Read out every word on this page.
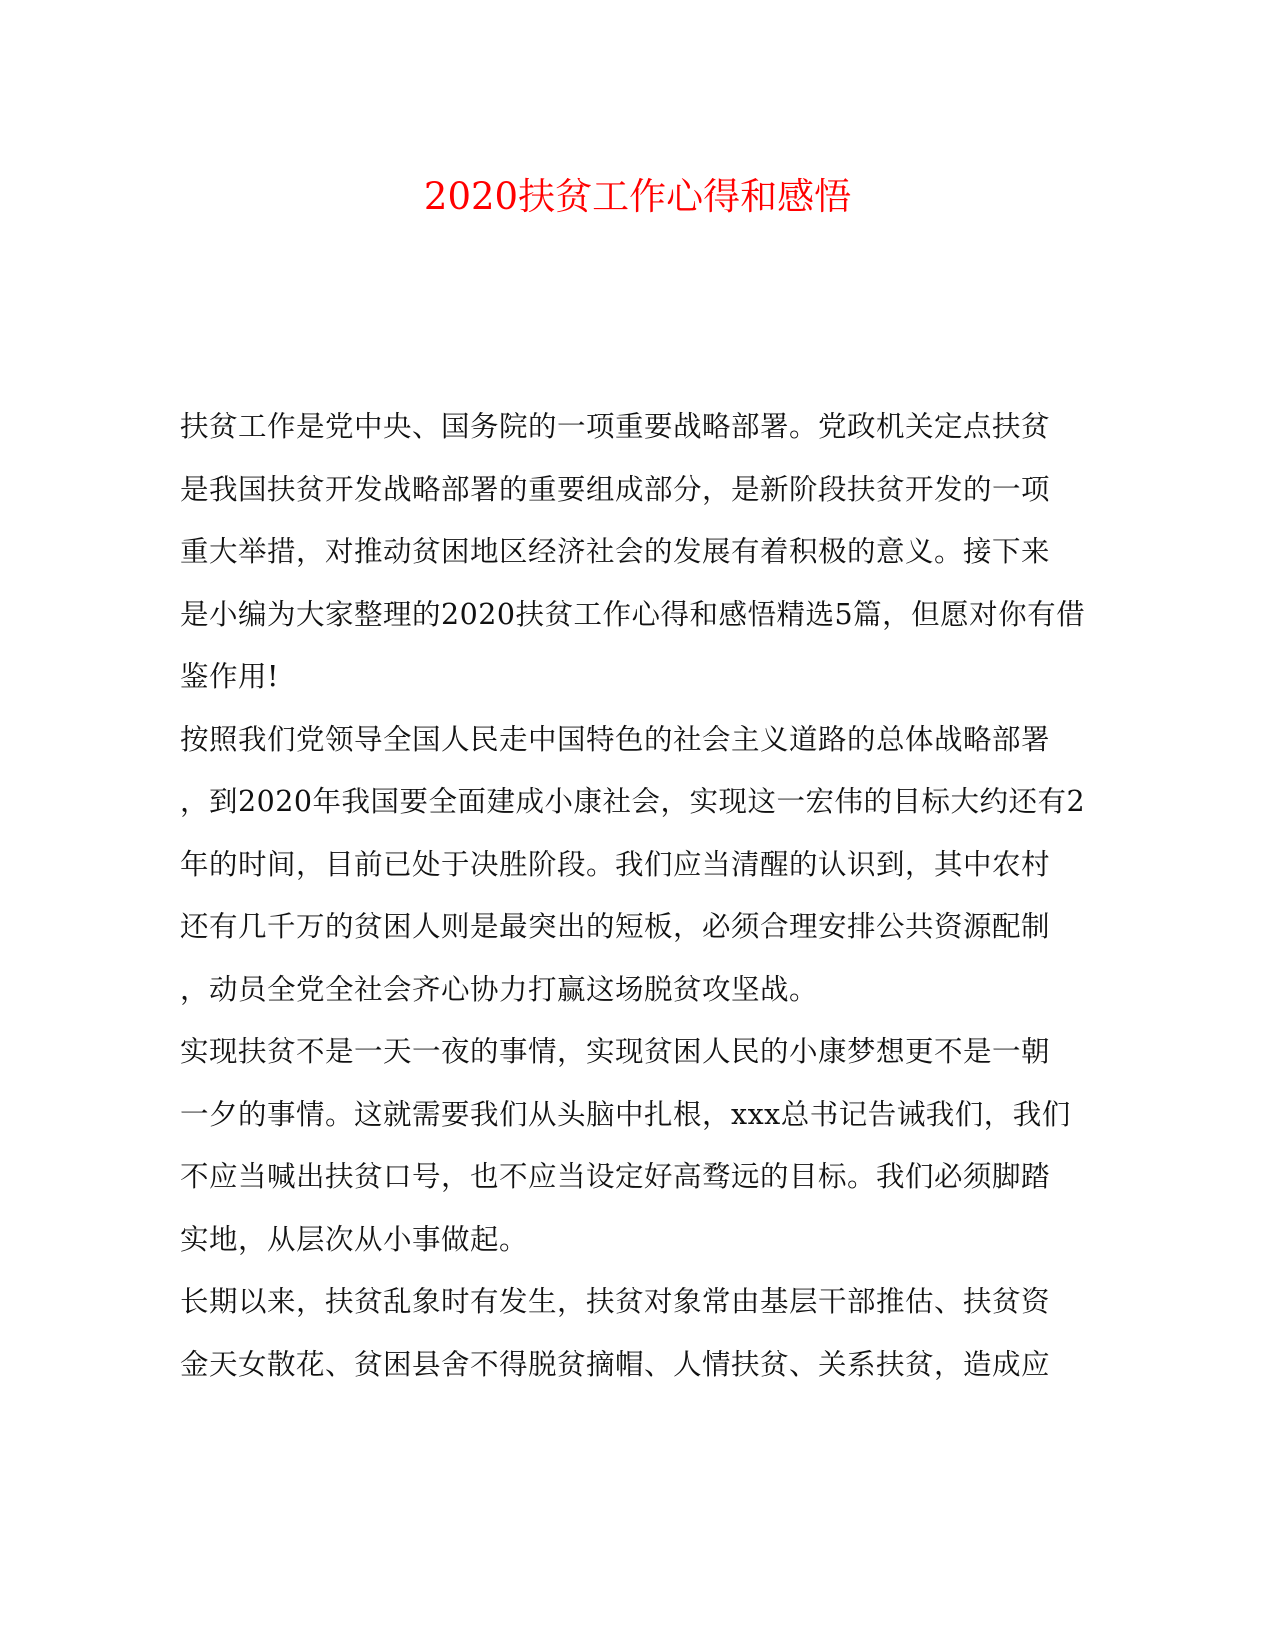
2020扶贫工作心得和感悟
扶贫工作是党中央、国务院的一项重要战略部署。党政机关定点扶贫
是我国扶贫开发战略部署的重要组成部分，是新阶段扶贫开发的一项
重大举措，对推动贫困地区经济社会的发展有着积极的意义。接下来
是小编为大家整理的2020扶贫工作心得和感悟精选5篇，但愿对你有借
鉴作用!
按照我们党领导全国人民走中国特色的社会主义道路的总体战略部署
，到2020年我国要全面建成小康社会，实现这一宏伟的目标大约还有2
年的时间，目前已处于决胜阶段。我们应当清醒的认识到，其中农村
还有几千万的贫困人则是最突出的短板，必须合理安排公共资源配制
，动员全党全社会齐心协力打赢这场脱贫攻坚战。
实现扶贫不是一天一夜的事情，实现贫困人民的小康梦想更不是一朝
一夕的事情。这就需要我们从头脑中扎根，xxx总书记告诫我们，我们
不应当喊出扶贫口号，也不应当设定好高骛远的目标。我们必须脚踏
实地，从层次从小事做起。
长期以来，扶贫乱象时有发生，扶贫对象常由基层干部推估、扶贫资
金天女散花、贫困县舍不得脱贫摘帽、人情扶贫、关系扶贫，造成应
